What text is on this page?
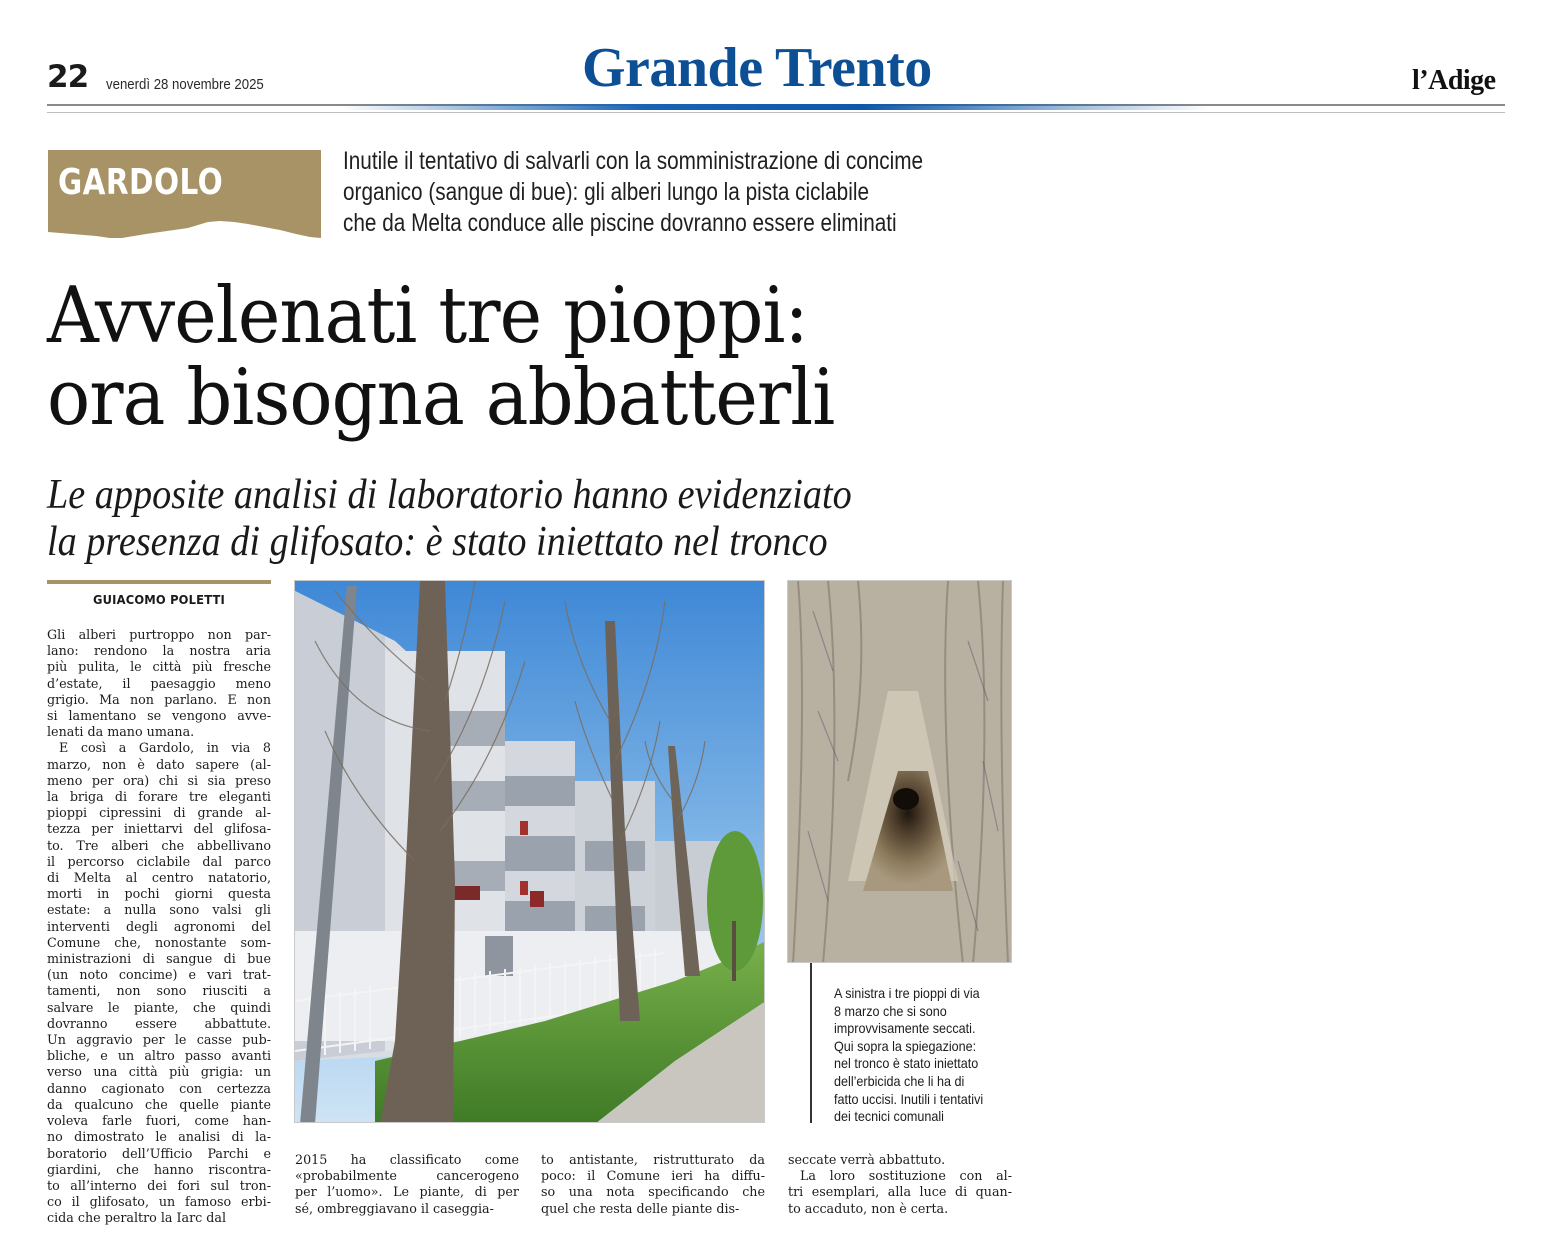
22 venerdì 28 novembre 2025	Grande Trento	l’Adige
GARDOLO
Inutile il tentativo di salvarli con la somministrazione di concime
organico (sangue di bue): gli alberi lungo la pista ciclabile
che da Melta conduce alle piscine dovranno essere eliminati
Avvelenati tre pioppi:
ora bisogna abbatterli
Le apposite analisi di laboratorio hanno evidenziato
la presenza di glifosato: è stato iniettato nel tronco
GUIACOMO POLETTI
Gli alberi purtroppo non par-
lano: rendono la nostra aria
più pulita, le città più fresche
d’estate, il paesaggio meno
grigio. Ma non parlano. E non
si lamentano se vengono avve-
lenati da mano umana.
E così a Gardolo, in via 8
marzo, non è dato sapere (al-
meno per ora) chi si sia preso
la briga di forare tre eleganti
pioppi cipressini di grande al-
tezza per iniettarvi del glifosa-
to. Tre alberi che abbellivano
il percorso ciclabile dal parco
di Melta al centro natatorio,
morti in pochi giorni questa
estate: a nulla sono valsi gli
interventi degli agronomi del
Comune che, nonostante som-
ministrazioni di sangue di bue
(un noto concime) e vari trat-
tamenti, non sono riusciti a
salvare le piante, che quindi
dovranno essere abbattute.
Un aggravio per le casse pub-
bliche, e un altro passo avanti
verso una città più grigia: un
danno cagionato con certezza
da qualcuno che quelle piante
voleva farle fuori, come han-
no dimostrato le analisi di la-
boratorio dell’Ufficio Parchi e
giardini, che hanno riscontra-
to all’interno dei fori sul tron-
co il glifosato, un famoso erbi-
cida che peraltro la Iarc dal
2015 ha classificato come
«probabilmente cancerogeno
per l’uomo». Le piante, di per
sé, ombreggiavano il caseggia-
to antistante, ristrutturato da
poco: il Comune ieri ha diffu-
so una nota specificando che
quel che resta delle piante dis-
seccate verrà abbattuto.
La loro sostituzione con al-
tri esemplari, alla luce di quan-
to accaduto, non è certa.
A sinistra i tre pioppi di via
8 marzo che si sono
improvvisamente seccati.
Qui sopra la spiegazione:
nel tronco è stato iniettato
dell’erbicida che li ha di
fatto uccisi. Inutili i tentativi
dei tecnici comunali
